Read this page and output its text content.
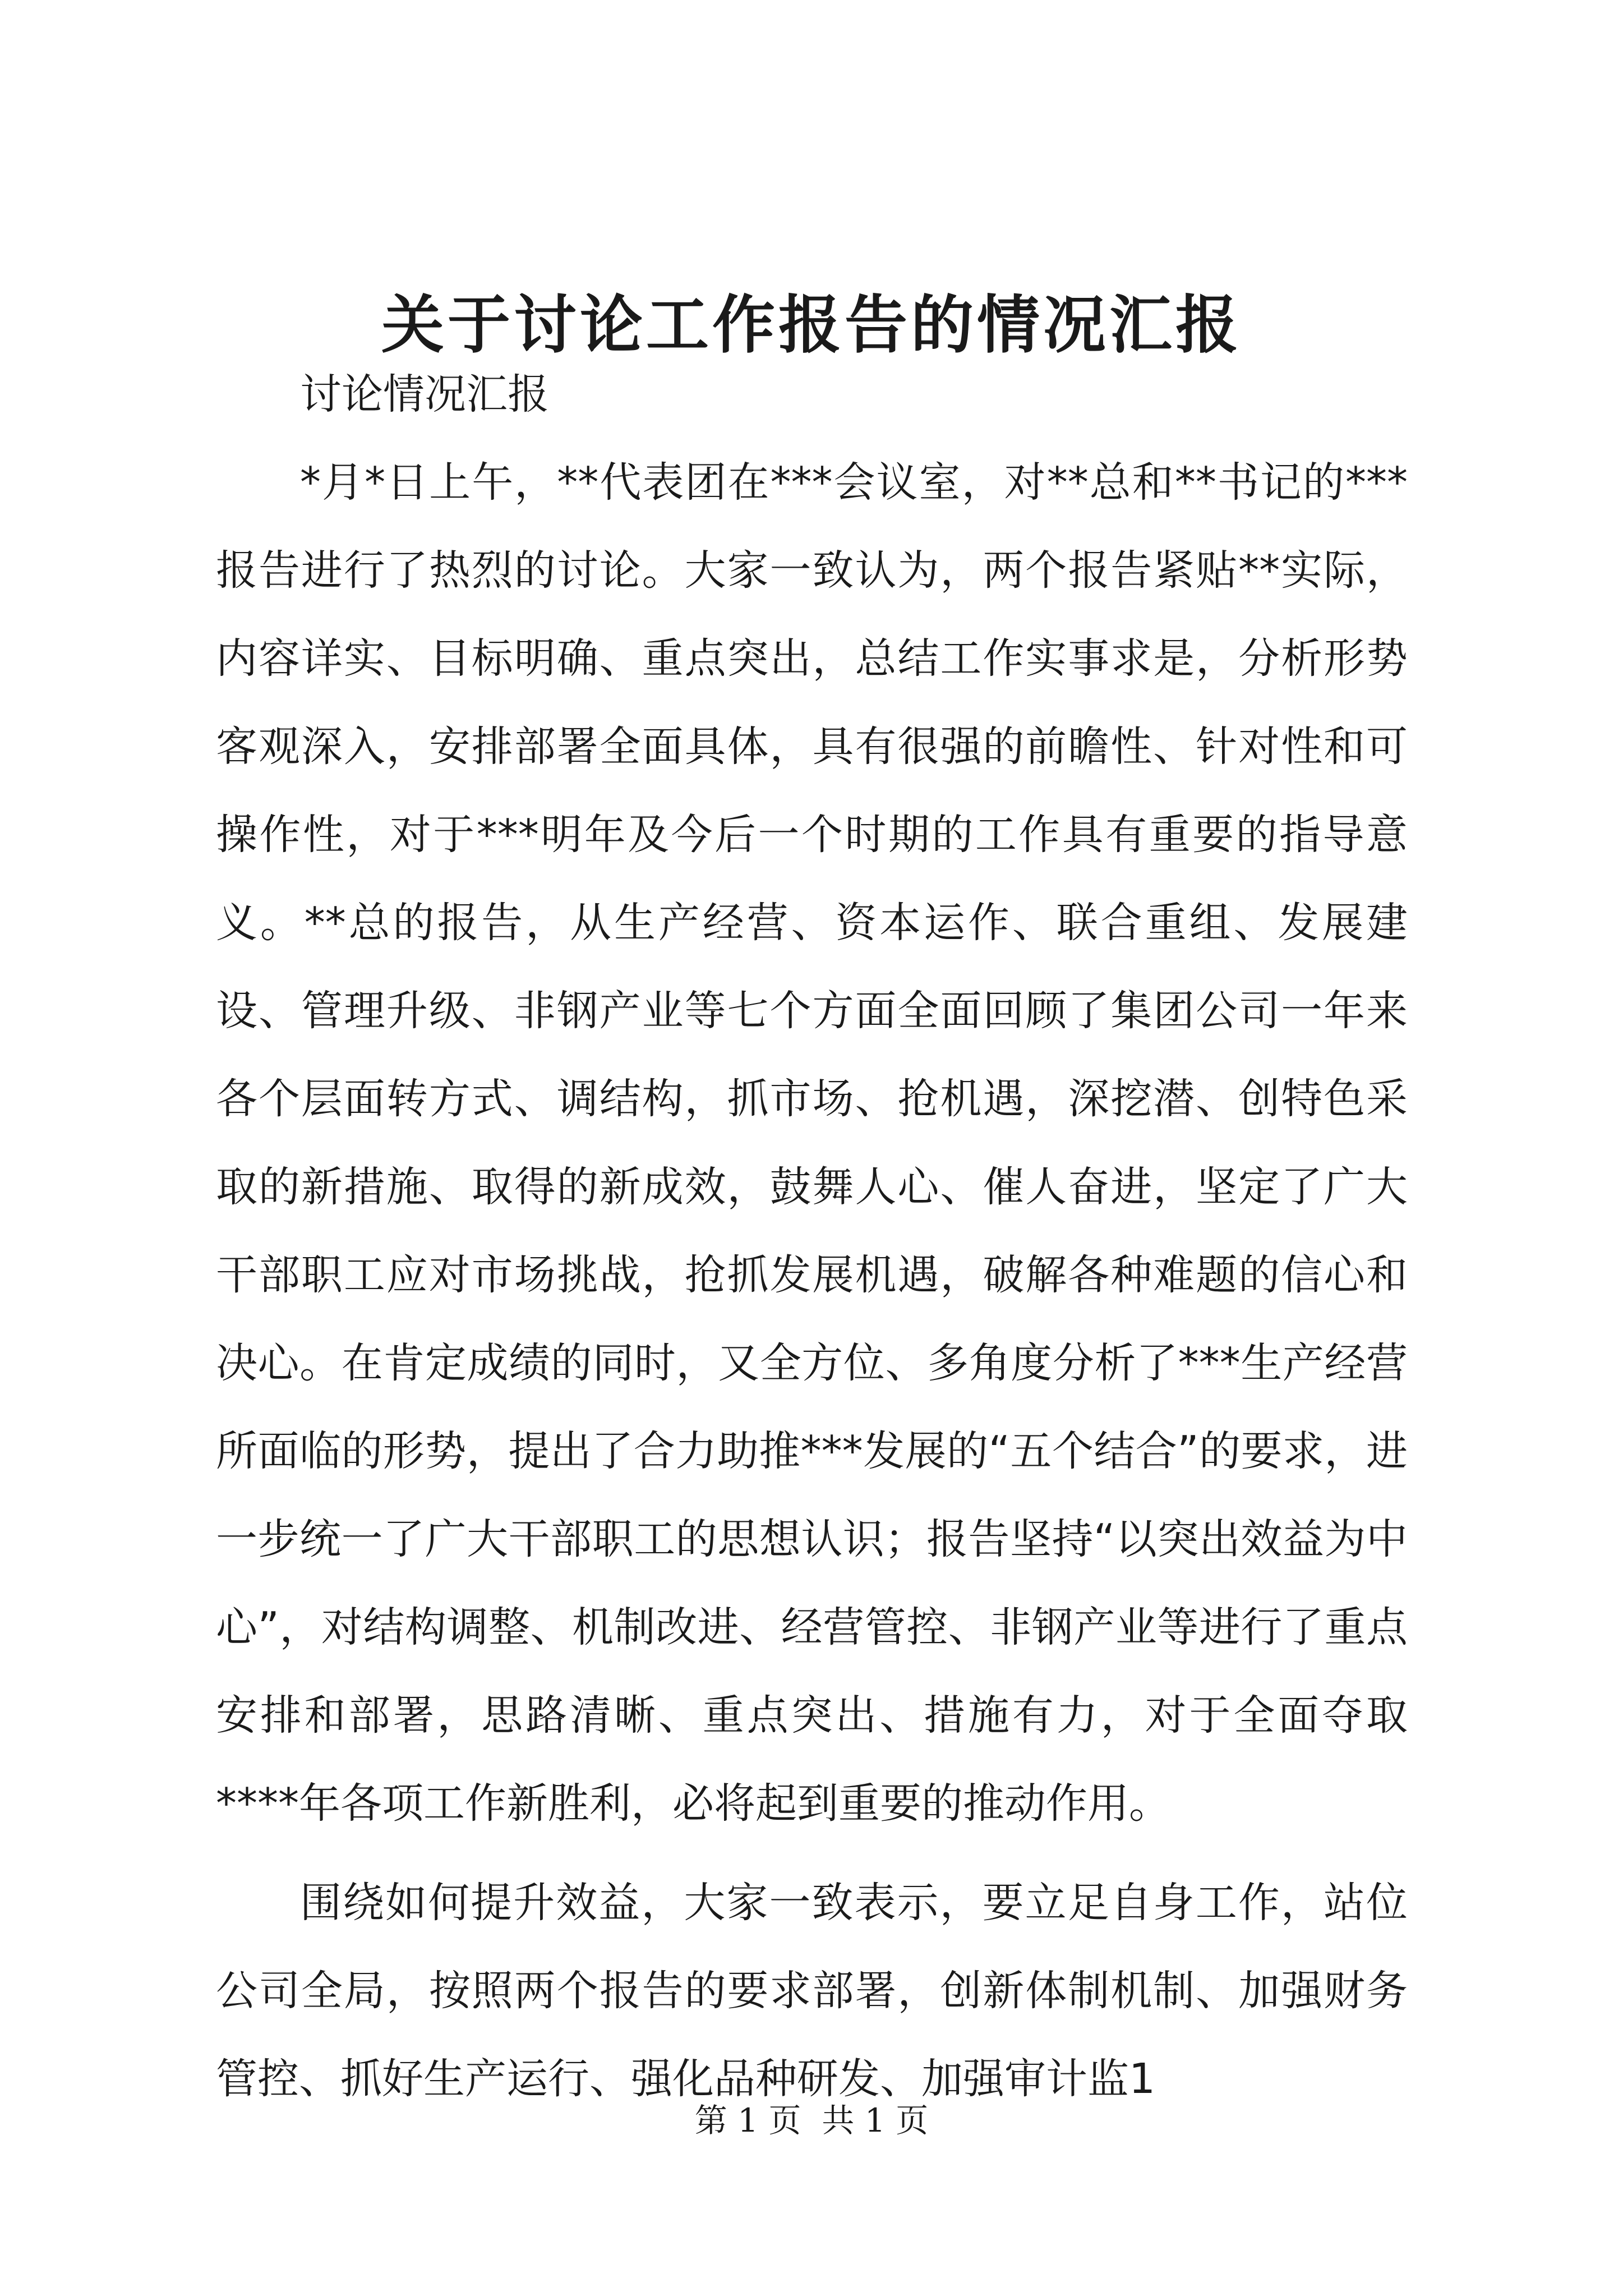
关于讨论工作报告的情况汇报

讨论情况汇报

*月*日上午，**代表团在***会议室，对**总和**书记的***报告进行了热烈的讨论。大家一致认为，两个报告紧贴**实际，内容详实、目标明确、重点突出，总结工作实事求是，分析形势客观深入，安排部署全面具体，具有很强的前瞻性、针对性和可操作性，对于***明年及今后一个时期的工作具有重要的指导意义。**总的报告，从生产经营、资本运作、联合重组、发展建设、管理升级、非钢产业等七个方面全面回顾了集团公司一年来各个层面转方式、调结构，抓市场、抢机遇，深挖潜、创特色采取的新措施、取得的新成效，鼓舞人心、催人奋进，坚定了广大干部职工应对市场挑战，抢抓发展机遇，破解各种难题的信心和决心。在肯定成绩的同时，又全方位、多角度分析了***生产经营所面临的形势，提出了合力助推***发展的“五个结合”的要求，进一步统一了广大干部职工的思想认识；报告坚持“以突出效益为中心”，对结构调整、机制改进、经营管控、非钢产业等进行了重点安排和部署，思路清晰、重点突出、措施有力，对于全面夺取****年各项工作新胜利，必将起到重要的推动作用。

围绕如何提升效益，大家一致表示，要立足自身工作，站位公司全局，按照两个报告的要求部署，创新体制机制、加强财务管控、抓好生产运行、强化品种研发、加强审计监1

第 1 页  共 1 页
